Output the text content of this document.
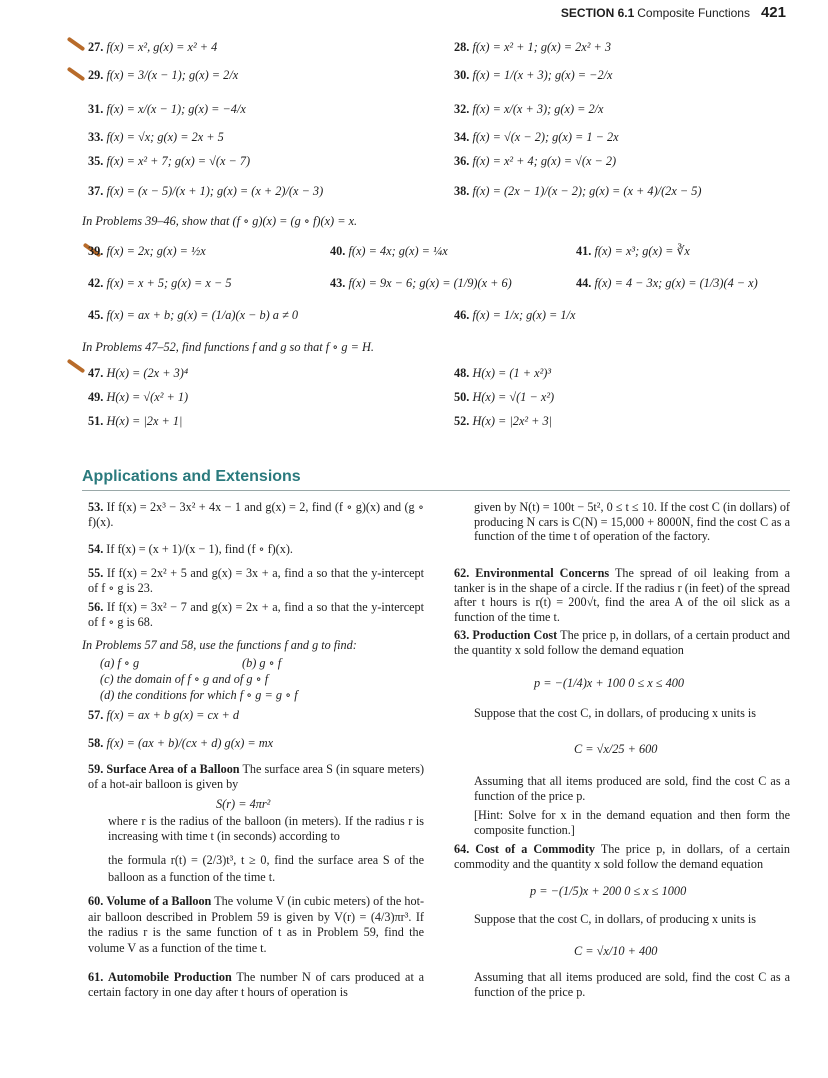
SECTION 6.1 Composite Functions 421
27. f(x) = x², g(x) = x² + 4	28. f(x) = x² + 1; g(x) = 2x² + 3
29. f(x) = 3/(x − 1); g(x) = 2/x	30. f(x) = 1/(x + 3); g(x) = −2/x
31. f(x) = x/(x − 1); g(x) = −4/x	32. f(x) = x/(x + 3); g(x) = 2/x
33. f(x) = √x; g(x) = 2x + 5	34. f(x) = √(x − 2); g(x) = 1 − 2x
35. f(x) = x² + 7; g(x) = √(x − 7)	36. f(x) = x² + 4; g(x) = √(x − 2)
37. f(x) = (x − 5)/(x + 1); g(x) = (x + 2)/(x − 3)	38. f(x) = (2x − 1)/(x − 2); g(x) = (x + 4)/(2x − 5)
In Problems 39–46, show that (f ∘ g)(x) = (g ∘ f)(x) = x.
39. f(x) = 2x; g(x) = ½x	40. f(x) = 4x; g(x) = ¼x	41. f(x) = x³; g(x) = ∛x
42. f(x) = x + 5; g(x) = x − 5	43. f(x) = 9x − 6; g(x) = (1/9)(x + 6)	44. f(x) = 4 − 3x; g(x) = (1/3)(4 − x)
45. f(x) = ax + b; g(x) = (1/a)(x − b) a ≠ 0	46. f(x) = 1/x; g(x) = 1/x
In Problems 47–52, find functions f and g so that f ∘ g = H.
47. H(x) = (2x + 3)⁴	48. H(x) = (1 + x²)³
49. H(x) = √(x² + 1)	50. H(x) = √(1 − x²)
51. H(x) = |2x + 1|	52. H(x) = |2x² + 3|
Applications and Extensions
53. If f(x) = 2x³ − 3x² + 4x − 1 and g(x) = 2, find (f ∘ g)(x) and (g ∘ f)(x).
54. If f(x) = (x + 1)/(x − 1), find (f ∘ f)(x).
55. If f(x) = 2x² + 5 and g(x) = 3x + a, find a so that the y-intercept of f ∘ g is 23.
56. If f(x) = 3x² − 7 and g(x) = 2x + a, find a so that the y-intercept of f ∘ g is 68.
In Problems 57 and 58, use the functions f and g to find:
(a) f ∘ g	(b) g ∘ f
(c) the domain of f ∘ g and of g ∘ f
(d) the conditions for which f ∘ g = g ∘ f
57. f(x) = ax + b g(x) = cx + d
58. f(x) = (ax + b)/(cx + d) g(x) = mx
59. Surface Area of a Balloon The surface area S (in square meters) of a hot-air balloon is given by
S(r) = 4πr²
where r is the radius of the balloon (in meters). If the radius r is increasing with time t (in seconds) according to
the formula r(t) = (2/3)t³, t ≥ 0, find the surface area S of the balloon as a function of the time t.
60. Volume of a Balloon The volume V (in cubic meters) of the hot-air balloon described in Problem 59 is given by V(r) = (4/3)πr³. If the radius r is the same function of t as in Problem 59, find the volume V as a function of the time t.
61. Automobile Production The number N of cars produced at a certain factory in one day after t hours of operation is
given by N(t) = 100t − 5t², 0 ≤ t ≤ 10. If the cost C (in dollars) of producing N cars is C(N) = 15,000 + 8000N, find the cost C as a function of the time t of operation of the factory.
62. Environmental Concerns The spread of oil leaking from a tanker is in the shape of a circle. If the radius r (in feet) of the spread after t hours is r(t) = 200√t, find the area A of the oil slick as a function of the time t.
63. Production Cost The price p, in dollars, of a certain product and the quantity x sold follow the demand equation
p = −(1/4)x + 100 0 ≤ x ≤ 400
Suppose that the cost C, in dollars, of producing x units is
C = √x/25 + 600
Assuming that all items produced are sold, find the cost C as a function of the price p.
[Hint: Solve for x in the demand equation and then form the composite function.]
64. Cost of a Commodity The price p, in dollars, of a certain commodity and the quantity x sold follow the demand equation
p = −(1/5)x + 200 0 ≤ x ≤ 1000
Suppose that the cost C, in dollars, of producing x units is
C = √x/10 + 400
Assuming that all items produced are sold, find the cost C as a function of the price p.
